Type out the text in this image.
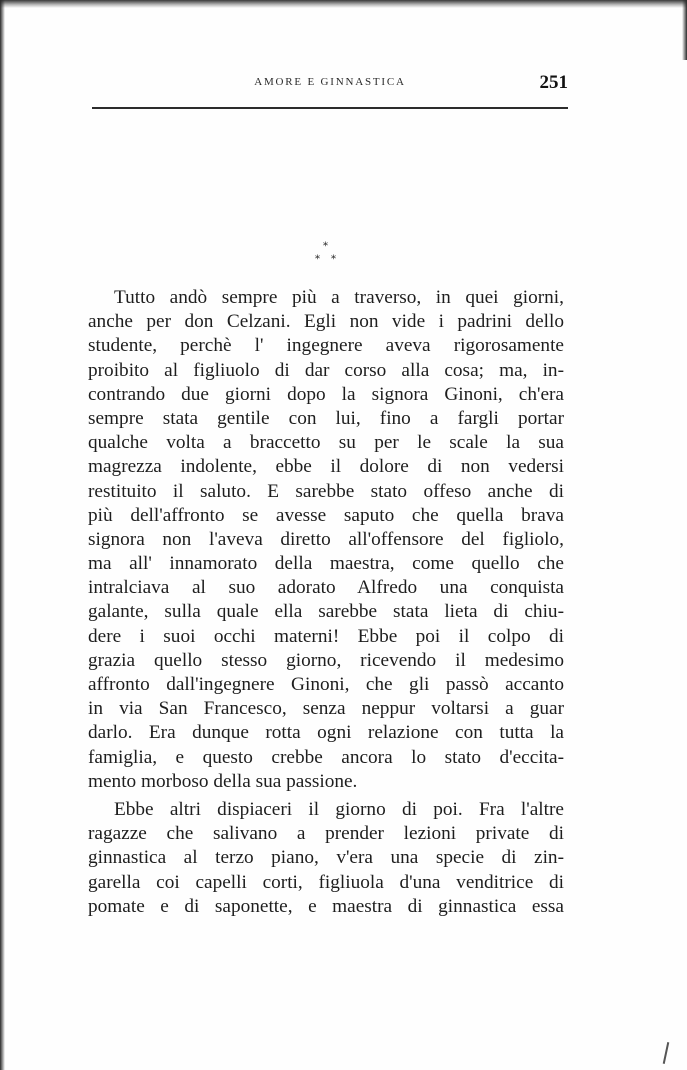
AMORE E GINNASTICA	251
*
* *
Tutto andò sempre più a traverso, in quei giorni,
anche per don Celzani. Egli non vide i padrini dello
studente, perchè l' ingegnere aveva rigorosamente
proibito al figliuolo di dar corso alla cosa; ma, in-
contrando due giorni dopo la signora Ginoni, ch'era
sempre stata gentile con lui, fino a fargli portar
qualche volta a braccetto su per le scale la sua
magrezza indolente, ebbe il dolore di non vedersi
restituito il saluto. E sarebbe stato offeso anche di
più dell'affronto se avesse saputo che quella brava
signora non l'aveva diretto all'offensore del figliolo,
ma all' innamorato della maestra, come quello che
intralciava al suo adorato Alfredo una conquista
galante, sulla quale ella sarebbe stata lieta di chiu-
dere i suoi occhi materni! Ebbe poi il colpo di
grazia quello stesso giorno, ricevendo il medesimo
affronto dall'ingegnere Ginoni, che gli passò accanto
in via San Francesco, senza neppur voltarsi a guar
darlo. Era dunque rotta ogni relazione con tutta la
famiglia, e questo crebbe ancora lo stato d'eccita-
mento morboso della sua passione.
Ebbe altri dispiaceri il giorno di poi. Fra l'altre
ragazze che salivano a prender lezioni private di
ginnastica al terzo piano, v'era una specie di zin-
garella coi capelli corti, figliuola d'una venditrice di
pomate e di saponette, e maestra di ginnastica essa
